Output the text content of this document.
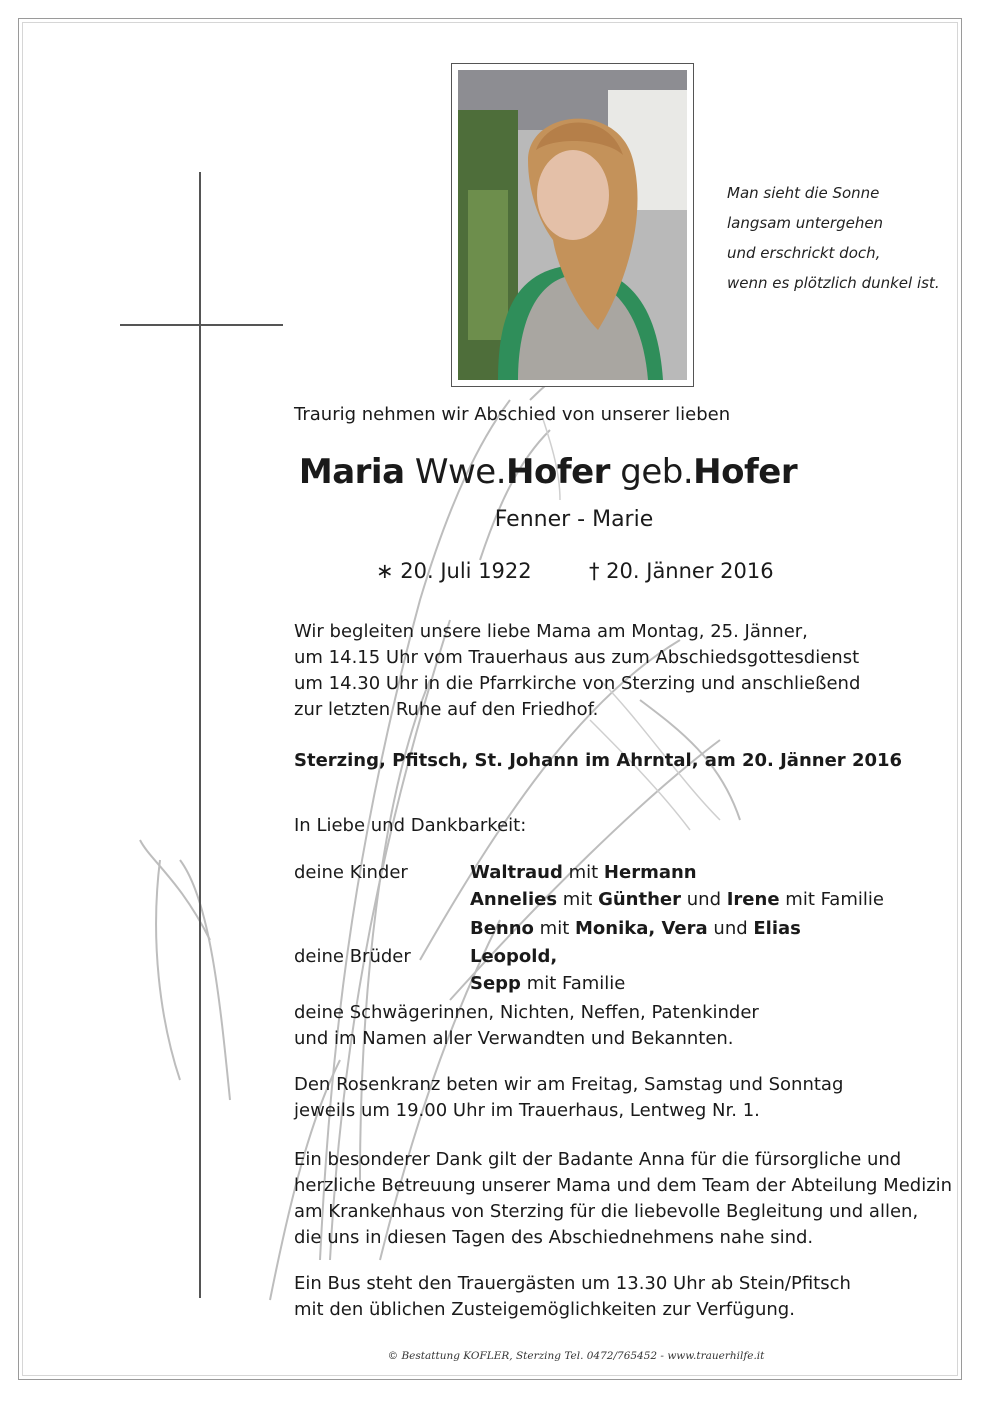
Man sieht die Sonne
langsam untergehen
und erschrickt doch,
wenn es plötzlich dunkel ist.
Traurig nehmen wir Abschied von unserer lieben
Maria Wwe.Hofer geb.Hofer
Fenner - Marie
∗ 20. Juli 1922	† 20. Jänner 2016
Wir begleiten unsere liebe Mama am Montag, 25. Jänner,
um 14.15 Uhr vom Trauerhaus aus zum Abschiedsgottesdienst
um 14.30 Uhr in die Pfarrkirche von Sterzing und anschließend
zur letzten Ruhe auf den Friedhof.
Sterzing, Pfitsch, St. Johann im Ahrntal, am 20. Jänner 2016
In Liebe und Dankbarkeit:
deine Kinder	Waltraud mit Hermann
Annelies mit Günther und Irene mit Familie
Benno mit Monika, Vera und Elias
deine Brüder	Leopold,
Sepp mit Familie
deine Schwägerinnen, Nichten, Neffen, Patenkinder
und im Namen aller Verwandten und Bekannten.
Den Rosenkranz beten wir am Freitag, Samstag und Sonntag
jeweils um 19.00 Uhr im Trauerhaus, Lentweg Nr. 1.
Ein besonderer Dank gilt der Badante Anna für die fürsorgliche und
herzliche Betreuung unserer Mama und dem Team der Abteilung Medizin
am Krankenhaus von Sterzing für die liebevolle Begleitung und allen,
die uns in diesen Tagen des Abschiednehmens nahe sind.
Ein Bus steht den Trauergästen um 13.30 Uhr ab Stein/Pfitsch
mit den üblichen Zusteigemöglichkeiten zur Verfügung.
© Bestattung KOFLER, Sterzing Tel. 0472/765452 - www.trauerhilfe.it
